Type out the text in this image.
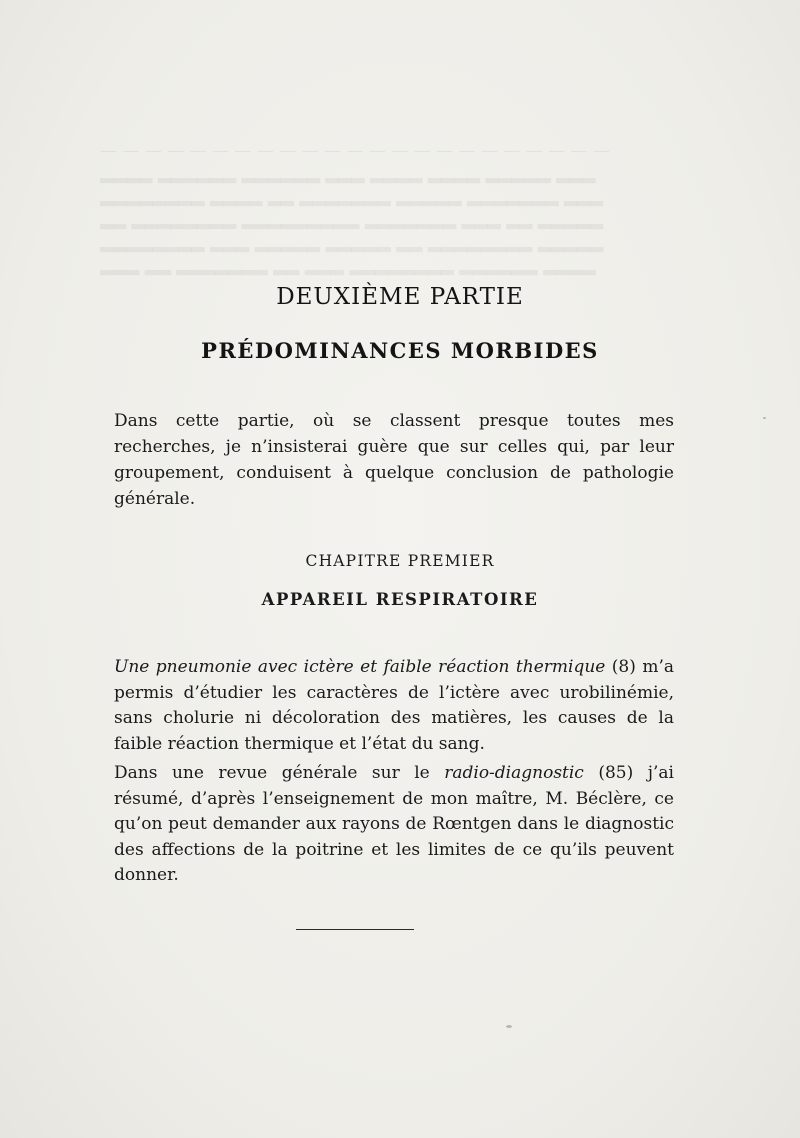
— — — — — — — — — — — — — — — — — — — — — — —
▂▂▂▂ ▂▂▂▂▂▂ ▂▂▂▂▂▂ ▂▂▂ ▂▂▂▂ ▂▂▂▂ ▂▂▂▂▂ ▂▂▂
▂▂▂▂▂▂▂▂ ▂▂▂▂ ▂▂ ▂▂▂▂▂▂▂ ▂▂▂▂▂ ▂▂▂▂▂▂▂ ▂▂▂
▂▂ ▂▂▂▂▂▂▂▂ ▂▂▂▂▂▂▂▂▂ ▂▂▂▂▂▂▂ ▂▂▂ ▂▂ ▂▂▂▂▂
▂▂▂▂▂▂▂▂ ▂▂▂ ▂▂▂▂▂ ▂▂▂▂▂ ▂▂ ▂▂▂▂▂▂▂▂ ▂▂▂▂▂
▂▂▂ ▂▂ ▂▂▂▂▂▂▂ ▂▂ ▂▂▂ ▂▂▂▂▂▂▂▂ ▂▂▂▂▂▂ ▂▂▂▂
DEUXIÈME PARTIE
PRÉDOMINANCES MORBIDES
Dans cette partie, où se classent presque toutes mes recherches, je n’insisterai guère que sur celles qui, par leur groupement, conduisent à quelque conclusion de pathologie générale.
CHAPITRE PREMIER
APPAREIL RESPIRATOIRE

Une pneumonie avec ictère et faible réaction thermique (8) m’a permis d’étudier les caractères de l’ictère avec urobilinémie, sans cholurie ni décoloration des matières, les causes de la faible réaction thermique et l’état du sang.

Dans une revue générale sur le radio-diagnostic (85) j’ai résumé, d’après l’enseignement de mon maître, M. Béclère, ce qu’on peut demander aux rayons de Rœntgen dans le diagnostic des affections de la poitrine et les limites de ce qu’ils peuvent donner.
